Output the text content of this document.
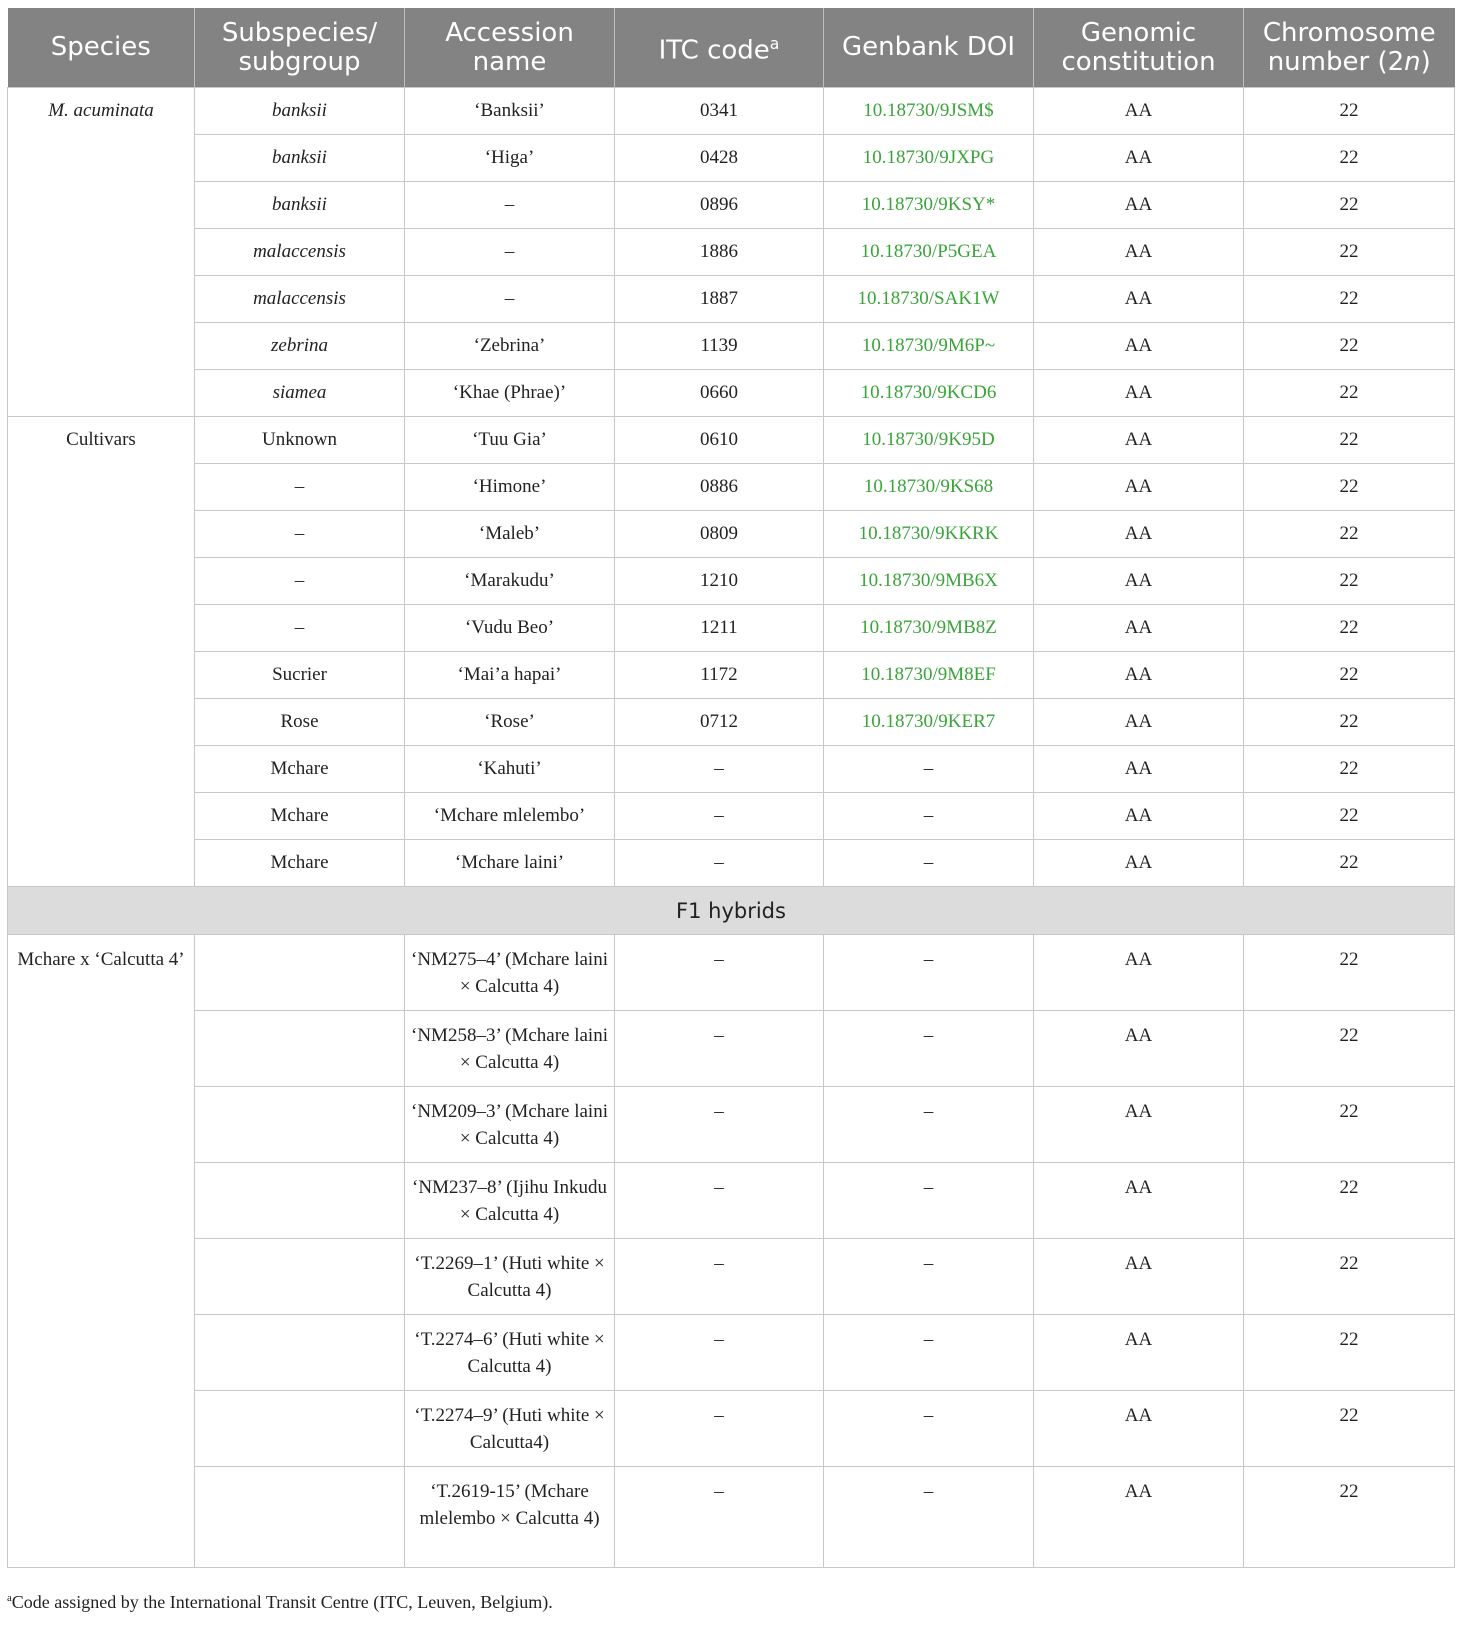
Species	Subspecies/ subgroup	Accession name	ITC code$^a$	Genbank DOI	Genomic constitution	Chromosome number (2n)
M. acuminata	banksii	‘Banksii’	0341	10.18730/9JSM$	AA	22
	banksii	‘Higa’	0428	10.18730/9JXPG	AA	22
	banksii	–	0896	10.18730/9KSY*	AA	22
	malaccensis	–	1886	10.18730/P5GEA	AA	22
	malaccensis	–	1887	10.18730/SAK1W	AA	22
	zebrina	‘Zebrina’	1139	10.18730/9M6P~	AA	22
	siamea	‘Khae (Phrae)’	0660	10.18730/9KCD6	AA	22
Cultivars	Unknown	‘Tuu Gia’	0610	10.18730/9K95D	AA	22
	–	‘Himone’	0886	10.18730/9KS68	AA	22
	–	‘Maleb’	0809	10.18730/9KKRK	AA	22
	–	‘Marakudu’	1210	10.18730/9MB6X	AA	22
	–	‘Vudu Beo’	1211	10.18730/9MB8Z	AA	22
	Sucrier	‘Mai’a hapai’	1172	10.18730/9M8EF	AA	22
	Rose	‘Rose’	0712	10.18730/9KER7	AA	22
	Mchare	‘Kahuti’	–	–	AA	22
	Mchare	‘Mchare mlelembo’	–	–	AA	22
	Mchare	‘Mchare laini’	–	–	AA	22
F1 hybrids						
Mchare x ‘Calcutta 4’		‘NM275–4’ (Mchare laini × Calcutta 4)	–	–	AA	22
		‘NM258–3’ (Mchare laini × Calcutta 4)	–	–	AA	22
		‘NM209–3’ (Mchare laini × Calcutta 4)	–	–	AA	22
		‘NM237–8’ (Ijihu Inkudu × Calcutta 4)	–	–	AA	22
		‘T.2269–1’ (Huti white × Calcutta 4)	–	–	AA	22
		‘T.2274–6’ (Huti white × Calcutta 4)	–	–	AA	22
		‘T.2274–9’ (Huti white × Calcutta4)	–	–	AA	22
		‘T.2619-15’ (Mchare mlelembo × Calcutta 4)	–	–	AA	22
$^a$Code assigned by the International Transit Centre (ITC, Leuven, Belgium).
